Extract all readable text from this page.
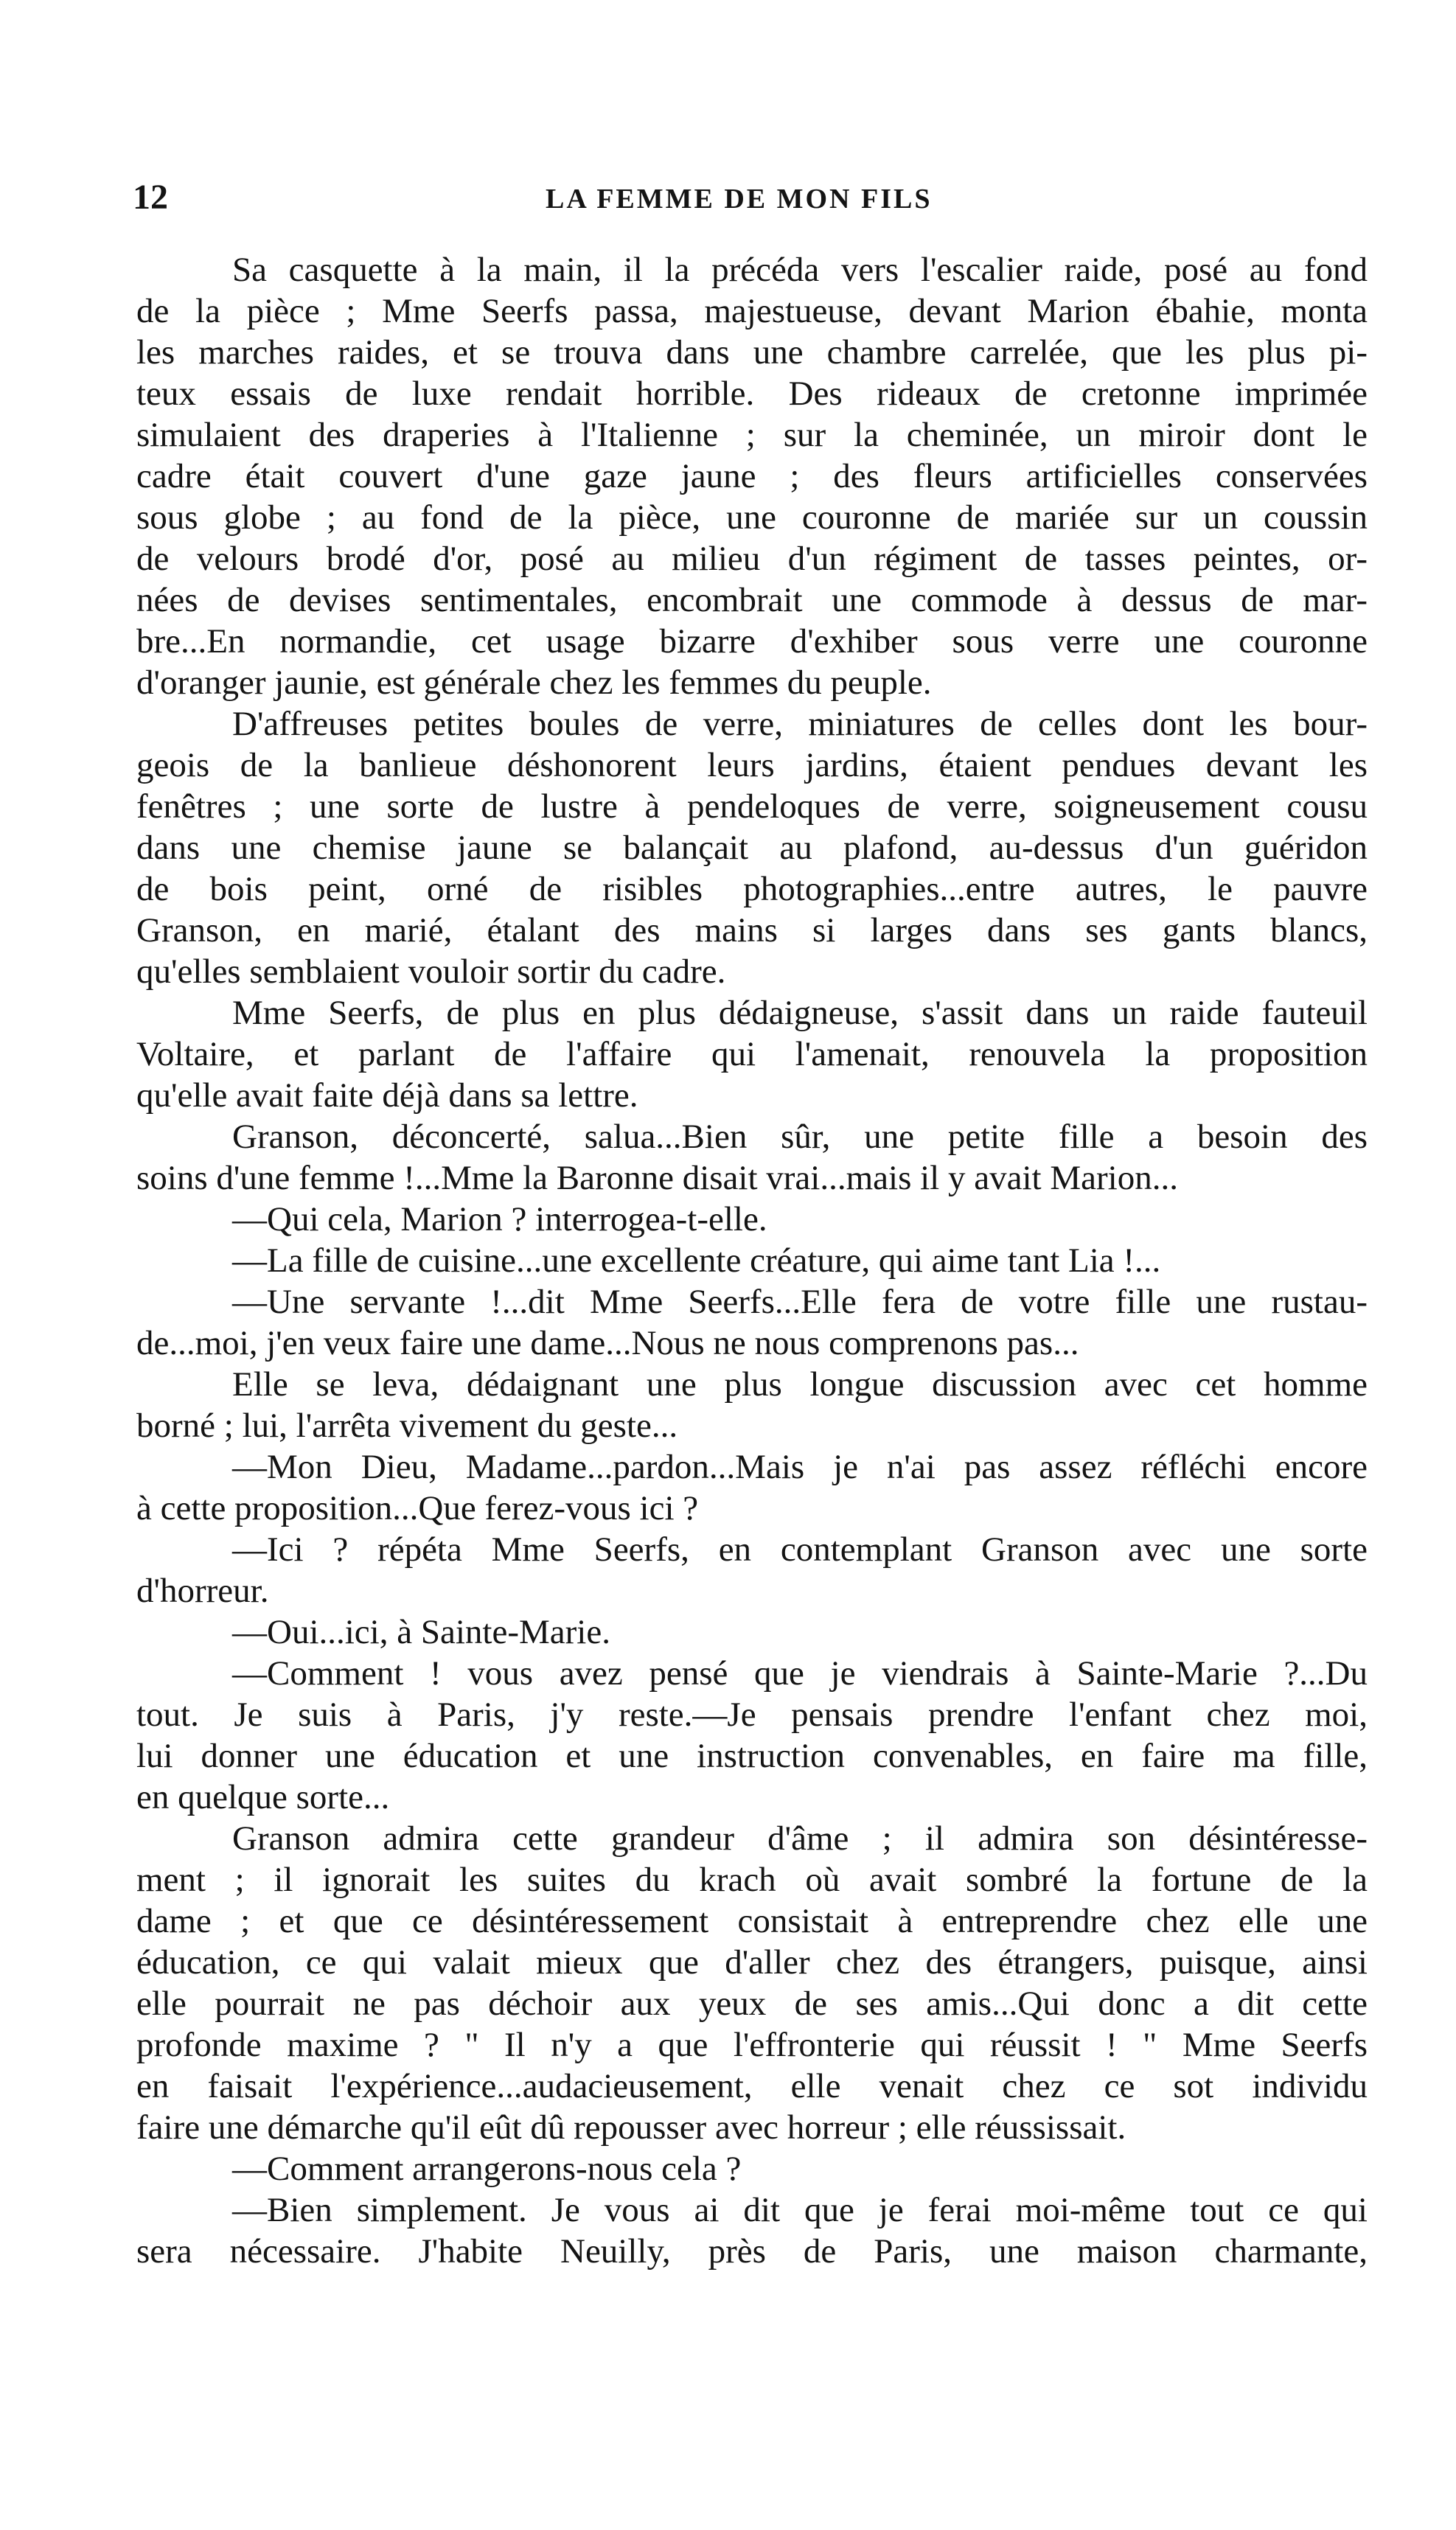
12	LA FEMME DE MON FILS
Sa casquette à la main, il la précéda vers l'escalier raide, posé au fond
de la pièce ; Mme Seerfs passa, majestueuse, devant Marion ébahie, monta
les marches raides, et se trouva dans une chambre carrelée, que les plus pi-
teux essais de luxe rendait horrible. Des rideaux de cretonne imprimée
simulaient des draperies à l'Italienne ; sur la cheminée, un miroir dont le
cadre était couvert d'une gaze jaune ; des fleurs artificielles conservées
sous globe ; au fond de la pièce, une couronne de mariée sur un coussin
de velours brodé d'or, posé au milieu d'un régiment de tasses peintes, or-
nées de devises sentimentales, encombrait une commode à dessus de mar-
bre...En normandie, cet usage bizarre d'exhiber sous verre une couronne
d'oranger jaunie, est générale chez les femmes du peuple.
D'affreuses petites boules de verre, miniatures de celles dont les bour-
geois de la banlieue déshonorent leurs jardins, étaient pendues devant les
fenêtres ; une sorte de lustre à pendeloques de verre, soigneusement cousu
dans une chemise jaune se balançait au plafond, au-dessus d'un guéridon
de bois peint, orné de risibles photographies...entre autres, le pauvre
Granson, en marié, étalant des mains si larges dans ses gants blancs,
qu'elles semblaient vouloir sortir du cadre.
Mme Seerfs, de plus en plus dédaigneuse, s'assit dans un raide fauteuil
Voltaire, et parlant de l'affaire qui l'amenait, renouvela la proposition
qu'elle avait faite déjà dans sa lettre.
Granson, déconcerté, salua...Bien sûr, une petite fille a besoin des
soins d'une femme !...Mme la Baronne disait vrai...mais il y avait Marion...
—Qui cela, Marion ? interrogea-t-elle.
—La fille de cuisine...une excellente créature, qui aime tant Lia !...
—Une servante !...dit Mme Seerfs...Elle fera de votre fille une rustau-
de...moi, j'en veux faire une dame...Nous ne nous comprenons pas...
Elle se leva, dédaignant une plus longue discussion avec cet homme
borné ; lui, l'arrêta vivement du geste...
—Mon Dieu, Madame...pardon...Mais je n'ai pas assez réfléchi encore
à cette proposition...Que ferez-vous ici ?
—Ici ? répéta Mme Seerfs, en contemplant Granson avec une sorte
d'horreur.
—Oui...ici, à Sainte-Marie.
—Comment ! vous avez pensé que je viendrais à Sainte-Marie ?...Du
tout. Je suis à Paris, j'y reste.—Je pensais prendre l'enfant chez moi,
lui donner une éducation et une instruction convenables, en faire ma fille,
en quelque sorte...
Granson admira cette grandeur d'âme ; il admira son désintéresse-
ment ; il ignorait les suites du krach où avait sombré la fortune de la
dame ; et que ce désintéressement consistait à entreprendre chez elle une
éducation, ce qui valait mieux que d'aller chez des étrangers, puisque, ainsi
elle pourrait ne pas déchoir aux yeux de ses amis...Qui donc a dit cette
profonde maxime ? " Il n'y a que l'effronterie qui réussit ! " Mme Seerfs
en faisait l'expérience...audacieusement, elle venait chez ce sot individu
faire une démarche qu'il eût dû repousser avec horreur ; elle réussissait.
—Comment arrangerons-nous cela ?
—Bien simplement. Je vous ai dit que je ferai moi-même tout ce qui
sera nécessaire. J'habite Neuilly, près de Paris, une maison charmante,
